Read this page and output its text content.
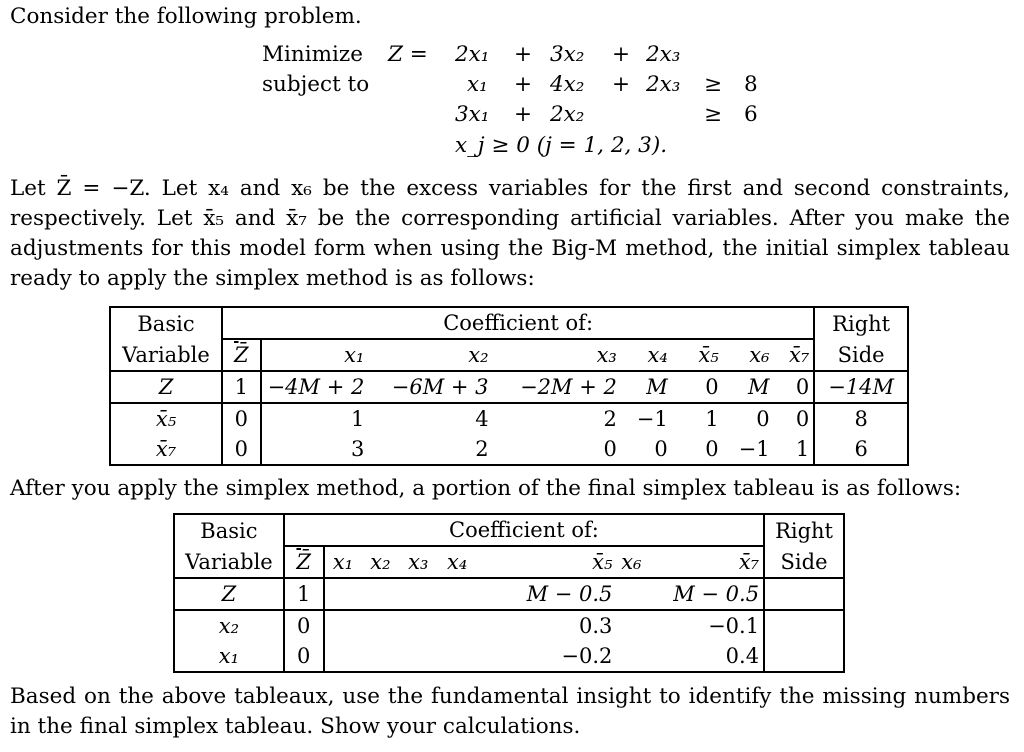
Consider the following problem.
Minimize Z = 2x₁ + 3x₂ + 2x₃
subject to	x₁ + 4x₂ + 2x₃ ≥ 8
3x₁ + 2x₂	≥ 6
x_j ≥ 0 (j = 1, 2, 3).
Let Z̄ = −Z. Let x₄ and x₆ be the excess variables for the first and second constraints, respectively. Let x̄₅ and x̄₇ be the corresponding artificial variables. After you make the adjustments for this model form when using the Big-M method, the initial simplex tableau ready to apply the simplex method is as follows:
Basic	Coefficient of:								Right
Variable	Z̄	x₁	x₂	x₃	x₄	x̄₅	x₆	x̄₇	Side
Z	1	−4M + 2	−6M + 3	−2M + 2	M	0	M	0	−14M
x̄₅	0	1	4	2	−1	1	0	0	8
x̄₇	0	3	2	0	0	0	−1	1	6
After you apply the simplex method, a portion of the final simplex tableau is as follows:
Basic	Coefficient of:								Right
Variable	Z̄	x₁	x₂	x₃	x₄	x̄₅	x₆	x̄₇	Side
Z	1					M − 0.5		M − 0.5	
x₂	0					0.3		−0.1	
x₁	0					−0.2		0.4	
Based on the above tableaux, use the fundamental insight to identify the missing numbers in the final simplex tableau. Show your calculations.
